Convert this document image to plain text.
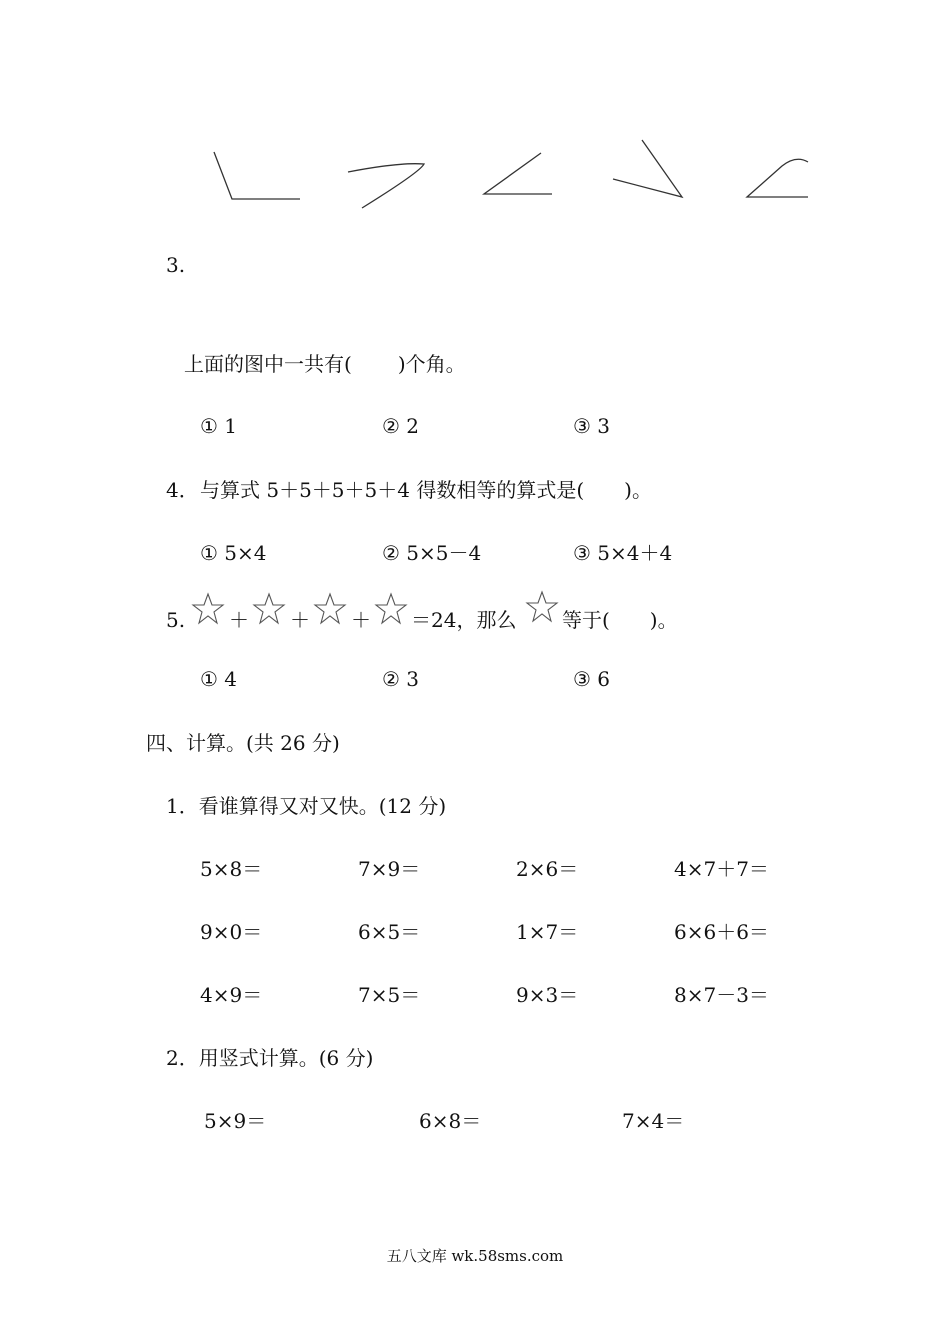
3.
上面的图中一共有( )个角。
① 1	② 2	③ 3
4． 与算式 5＋5＋5＋5＋4 得数相等的算式是(　　)。
① 5×4	② 5×5－4	③ 5×4＋4
5. ＋ ＋ ＋ ＝24，那么 等于(　　)。
① 4	② 3	③ 6
四、计算。(共 26 分)
1．看谁算得又对又快。(12 分)
5×8＝	7×9＝	2×6＝	4×7＋7＝
9×0＝	6×5＝	1×7＝	6×6＋6＝
4×9＝	7×5＝	9×3＝	8×7－3＝
2．用竖式计算。(6 分)
5×9＝	6×8＝	7×4＝
五八文库 wk.58sms.com
